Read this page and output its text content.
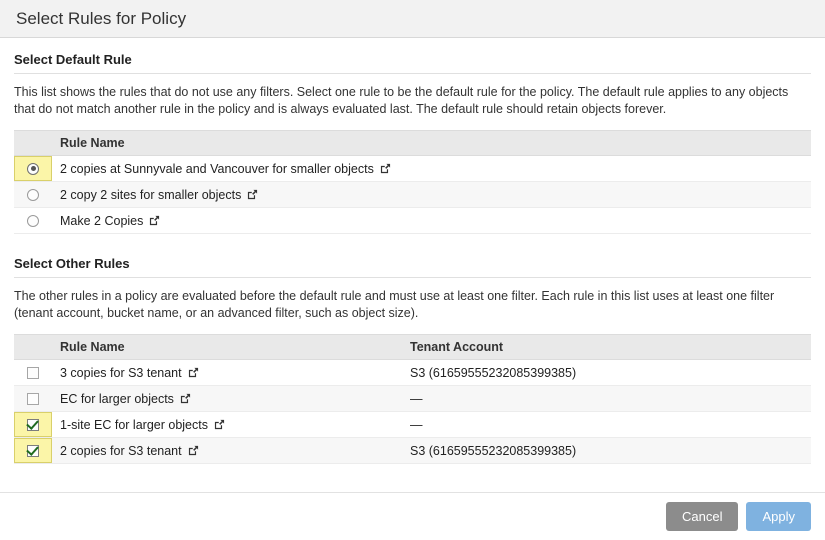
Select Rules for Policy
Select Default Rule
This list shows the rules that do not use any filters. Select one rule to be the default rule for the policy. The default rule applies to any objects that do not match another rule in the policy and is always evaluated last. The default rule should retain objects forever.
	Rule Name

	2 copies at Sunnyvale and Vancouver for smaller objects

	2 copy 2 sites for smaller objects

	Make 2 Copies
Select Other Rules
The other rules in a policy are evaluated before the default rule and must use at least one filter. Each rule in this list uses at least one filter (tenant account, bucket name, or an advanced filter, such as object size).
	Rule Name	Tenant Account

	3 copies for S3 tenant	S3 (61659555232085399385)

	EC for larger objects	—

	1-site EC for larger objects	—

	2 copies for S3 tenant	S3 (61659555232085399385)
Cancel	Apply
